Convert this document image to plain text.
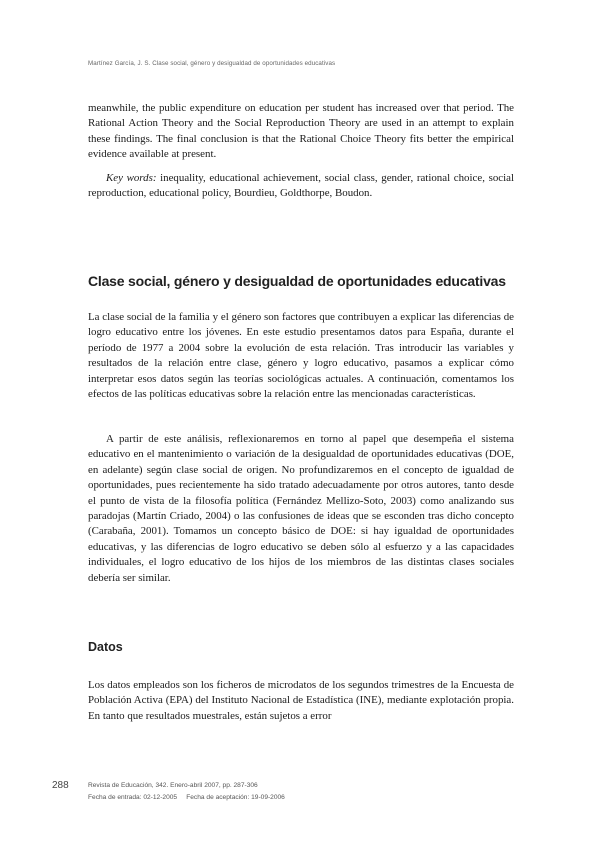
Martínez García, J. S. Clase social, género y desigualdad de oportunidades educativas

meanwhile, the public expenditure on education per student has increased over that period. The Rational Action Theory and the Social Reproduction Theory are used in an attempt to explain these findings. The final conclusion is that the Rational Choice Theory fits better the empirical evidence available at present.

Key words: inequality, educational achievement, social class, gender, rational choice, social reproduction, educational policy, Bourdieu, Goldthorpe, Boudon.

Clase social, género y desigualdad de oportunidades educativas

La clase social de la familia y el género son factores que contribuyen a explicar las diferencias de logro educativo entre los jóvenes. En este estudio presentamos datos para España, durante el período de 1977 a 2004 sobre la evolución de esta relación. Tras introducir las variables y resultados de la relación entre clase, género y logro educativo, pasamos a explicar cómo interpretar esos datos según las teorías sociológicas actuales. A continuación, comentamos los efectos de las políticas educativas sobre la relación entre las mencionadas características.

A partir de este análisis, reflexionaremos en torno al papel que desempeña el sistema educativo en el mantenimiento o variación de la desigualdad de oportunidades educativas (DOE, en adelante) según clase social de origen. No profundizaremos en el concepto de igualdad de oportunidades, pues recientemente ha sido tratado adecuadamente por otros autores, tanto desde el punto de vista de la filosofía política (Fernández Mellizo-Soto, 2003) como analizando sus paradojas (Martín Criado, 2004) o las confusiones de ideas que se esconden tras dicho concepto (Carabaña, 2001). Tomamos un concepto básico de DOE: si hay igualdad de oportunidades educativas, y las diferencias de logro educativo se deben sólo al esfuerzo y a las capacidades individuales, el logro educativo de los hijos de los miembros de las distintas clases sociales debería ser similar.

Datos

Los datos empleados son los ficheros de microdatos de los segundos trimestres de la Encuesta de Población Activa (EPA) del Instituto Nacional de Estadística (INE), mediante explotación propia. En tanto que resultados muestrales, están sujetos a error

288	Revista de Educación, 342. Enero-abril 2007, pp. 287-306
Fecha de entrada: 02-12-2005     Fecha de aceptación: 19-09-2006
